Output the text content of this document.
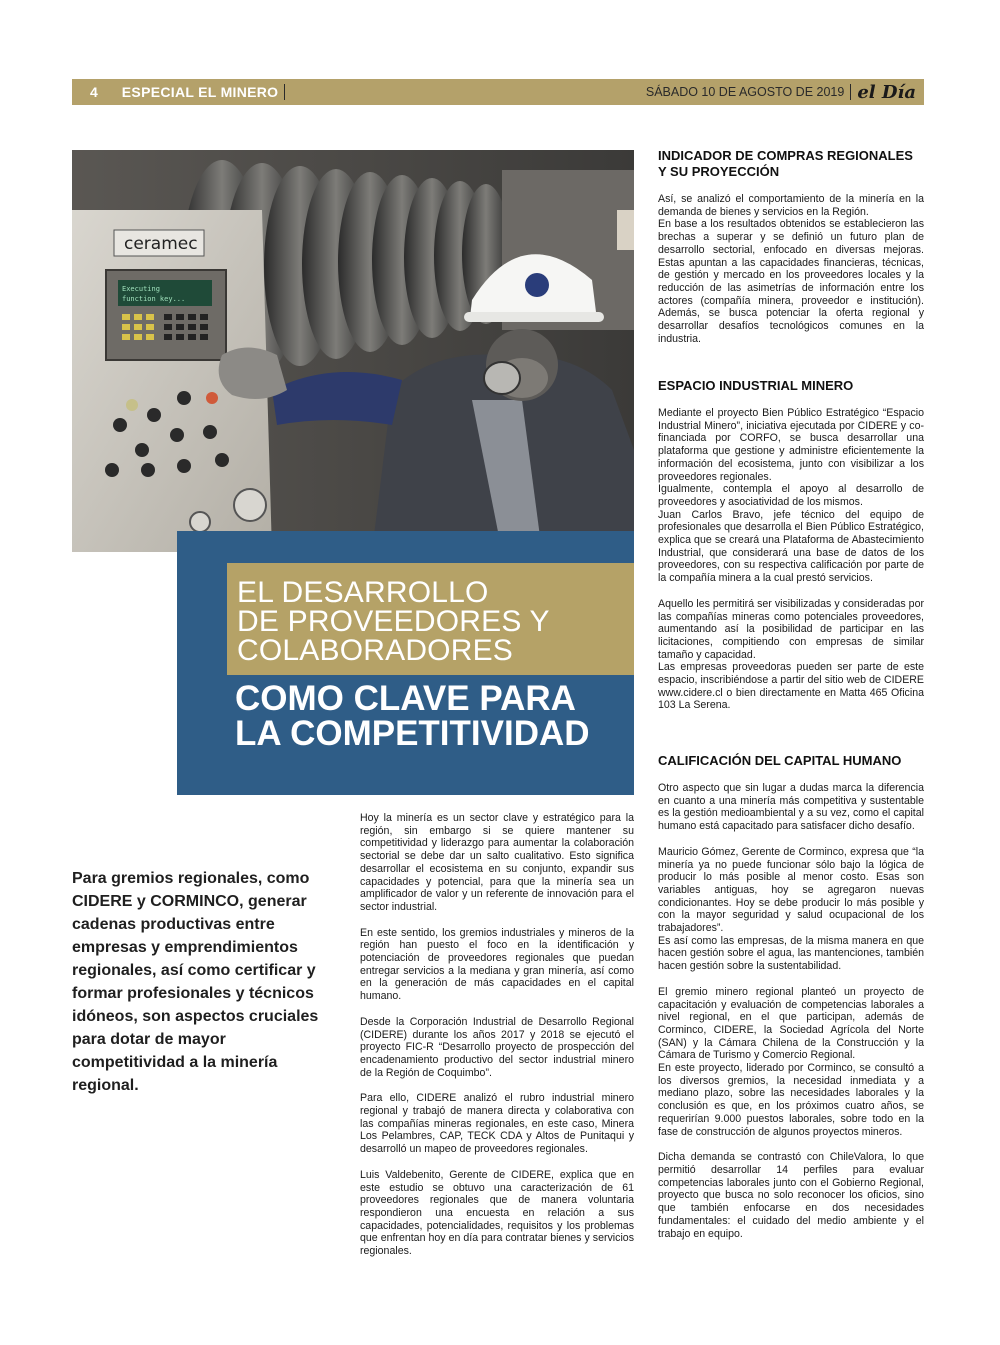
4 ESPECIAL EL MINERO	SÁBADO 10 DE AGOSTO DE 2019 el Día
ceramec
Executing
function key...
EL DESARROLLO
DE PROVEEDORES Y
COLABORADORES
COMO CLAVE PARA
LA COMPETITIVIDAD
Para gremios regionales, como CIDERE y CORMINCO, generar cadenas productivas entre empresas y emprendimientos regionales, así como certificar y formar profesionales y técnicos idóneos, son aspectos cruciales para dotar de mayor competitividad a la minería regional.

Hoy la minería es un sector clave y estratégico para la región, sin embargo si se quiere mantener su competitividad y liderazgo para aumentar la colaboración sectorial se debe dar un salto cualitativo. Esto significa desarrollar el ecosistema en su conjunto, expandir sus capacidades y potencial, para que la minería sea un amplificador de valor y un referente de innovación para el sector industrial.

En este sentido, los gremios industriales y mineros de la región han puesto el foco en la identificación y potenciación de proveedores regionales que puedan entregar servicios a la mediana y gran minería, así como en la generación de más capacidades en el capital humano.

Desde la Corporación Industrial de Desarrollo Regional (CIDERE) durante los años 2017 y 2018 se ejecutó el proyecto FIC-R “Desarrollo proyecto de prospección del encadenamiento productivo del sector industrial minero de la Región de Coquimbo”.

Para ello, CIDERE analizó el rubro industrial minero regional y trabajó de manera directa y colaborativa con las compañías mineras regionales, en este caso, Minera Los Pelambres, CAP, TECK CDA y Altos de Punitaqui y desarrolló un mapeo de proveedores regionales.

Luis Valdebenito, Gerente de CIDERE, explica que en este estudio se obtuvo una caracterización de 61 proveedores regionales que de manera voluntaria respondieron una encuesta en relación a sus capacidades, potencialidades, requisitos y los problemas que enfrentan hoy en día para contratar bienes y servicios regionales.

INDICADOR DE COMPRAS REGIONALES Y SU PROYECCIÓN

Así, se analizó el comportamiento de la minería en la demanda de bienes y servicios en la Región.

En base a los resultados obtenidos se establecieron las brechas a superar y se definió un futuro plan de desarrollo sectorial, enfocado en diversas mejoras. Estas apuntan a las capacidades financieras, técnicas, de gestión y mercado en los proveedores locales y la reducción de las asimetrías de información entre los actores (compañía minera, proveedor e institución). Además, se busca potenciar la oferta regional y desarrollar desafíos tecnológicos comunes en la industria.

ESPACIO INDUSTRIAL MINERO

Mediante el proyecto Bien Público Estratégico “Espacio Industrial Minero”, iniciativa ejecutada por CIDERE y co-financiada por CORFO, se busca desarrollar una plataforma que gestione y administre eficientemente la información del ecosistema, junto con visibilizar a los proveedores regionales.

Igualmente, contempla el apoyo al desarrollo de proveedores y asociatividad de los mismos.

Juan Carlos Bravo, jefe técnico del equipo de profesionales que desarrolla el Bien Público Estratégico, explica que se creará una Plataforma de Abastecimiento Industrial, que considerará una base de datos de los proveedores, con su respectiva calificación por parte de la compañía minera a la cual prestó servicios.

Aquello les permitirá ser visibilizadas y consideradas por las compañías mineras como potenciales proveedores, aumentando así la posibilidad de participar en las licitaciones, compitiendo con empresas de similar tamaño y capacidad.

Las empresas proveedoras pueden ser parte de este espacio, inscribiéndose a partir del sitio web de CIDERE www.cidere.cl o bien directamente en Matta 465 Oficina 103 La Serena.

CALIFICACIÓN DEL CAPITAL HUMANO

Otro aspecto que sin lugar a dudas marca la diferencia en cuanto a una minería más competitiva y sustentable es la gestión medioambiental y a su vez, como el capital humano está capacitado para satisfacer dicho desafío.

Mauricio Gómez, Gerente de Corminco, expresa que “la minería ya no puede funcionar sólo bajo la lógica de producir lo más posible al menor costo. Esas son variables antiguas, hoy se agregaron nuevas condicionantes. Hoy se debe producir lo más posible y con la mayor seguridad y salud ocupacional de los trabajadores”.

Es así como las empresas, de la misma manera en que hacen gestión sobre el agua, las mantenciones, también hacen gestión sobre la sustentabilidad.

El gremio minero regional planteó un proyecto de capacitación y evaluación de competencias laborales a nivel regional, en el que participan, además de Corminco, CIDERE, la Sociedad Agrícola del Norte (SAN) y la Cámara Chilena de la Construcción y la Cámara de Turismo y Comercio Regional.

En este proyecto, liderado por Corminco, se consultó a los diversos gremios, la necesidad inmediata y a mediano plazo, sobre las necesidades laborales y la conclusión es que, en los próximos cuatro años, se requerirían 9.000 puestos laborales, sobre todo en la fase de construcción de algunos proyectos mineros.

Dicha demanda se contrastó con ChileValora, lo que permitió desarrollar 14 perfiles para evaluar competencias laborales junto con el Gobierno Regional, proyecto que busca no solo reconocer los oficios, sino que también enfocarse en dos necesidades fundamentales: el cuidado del medio ambiente y el trabajo en equipo.
